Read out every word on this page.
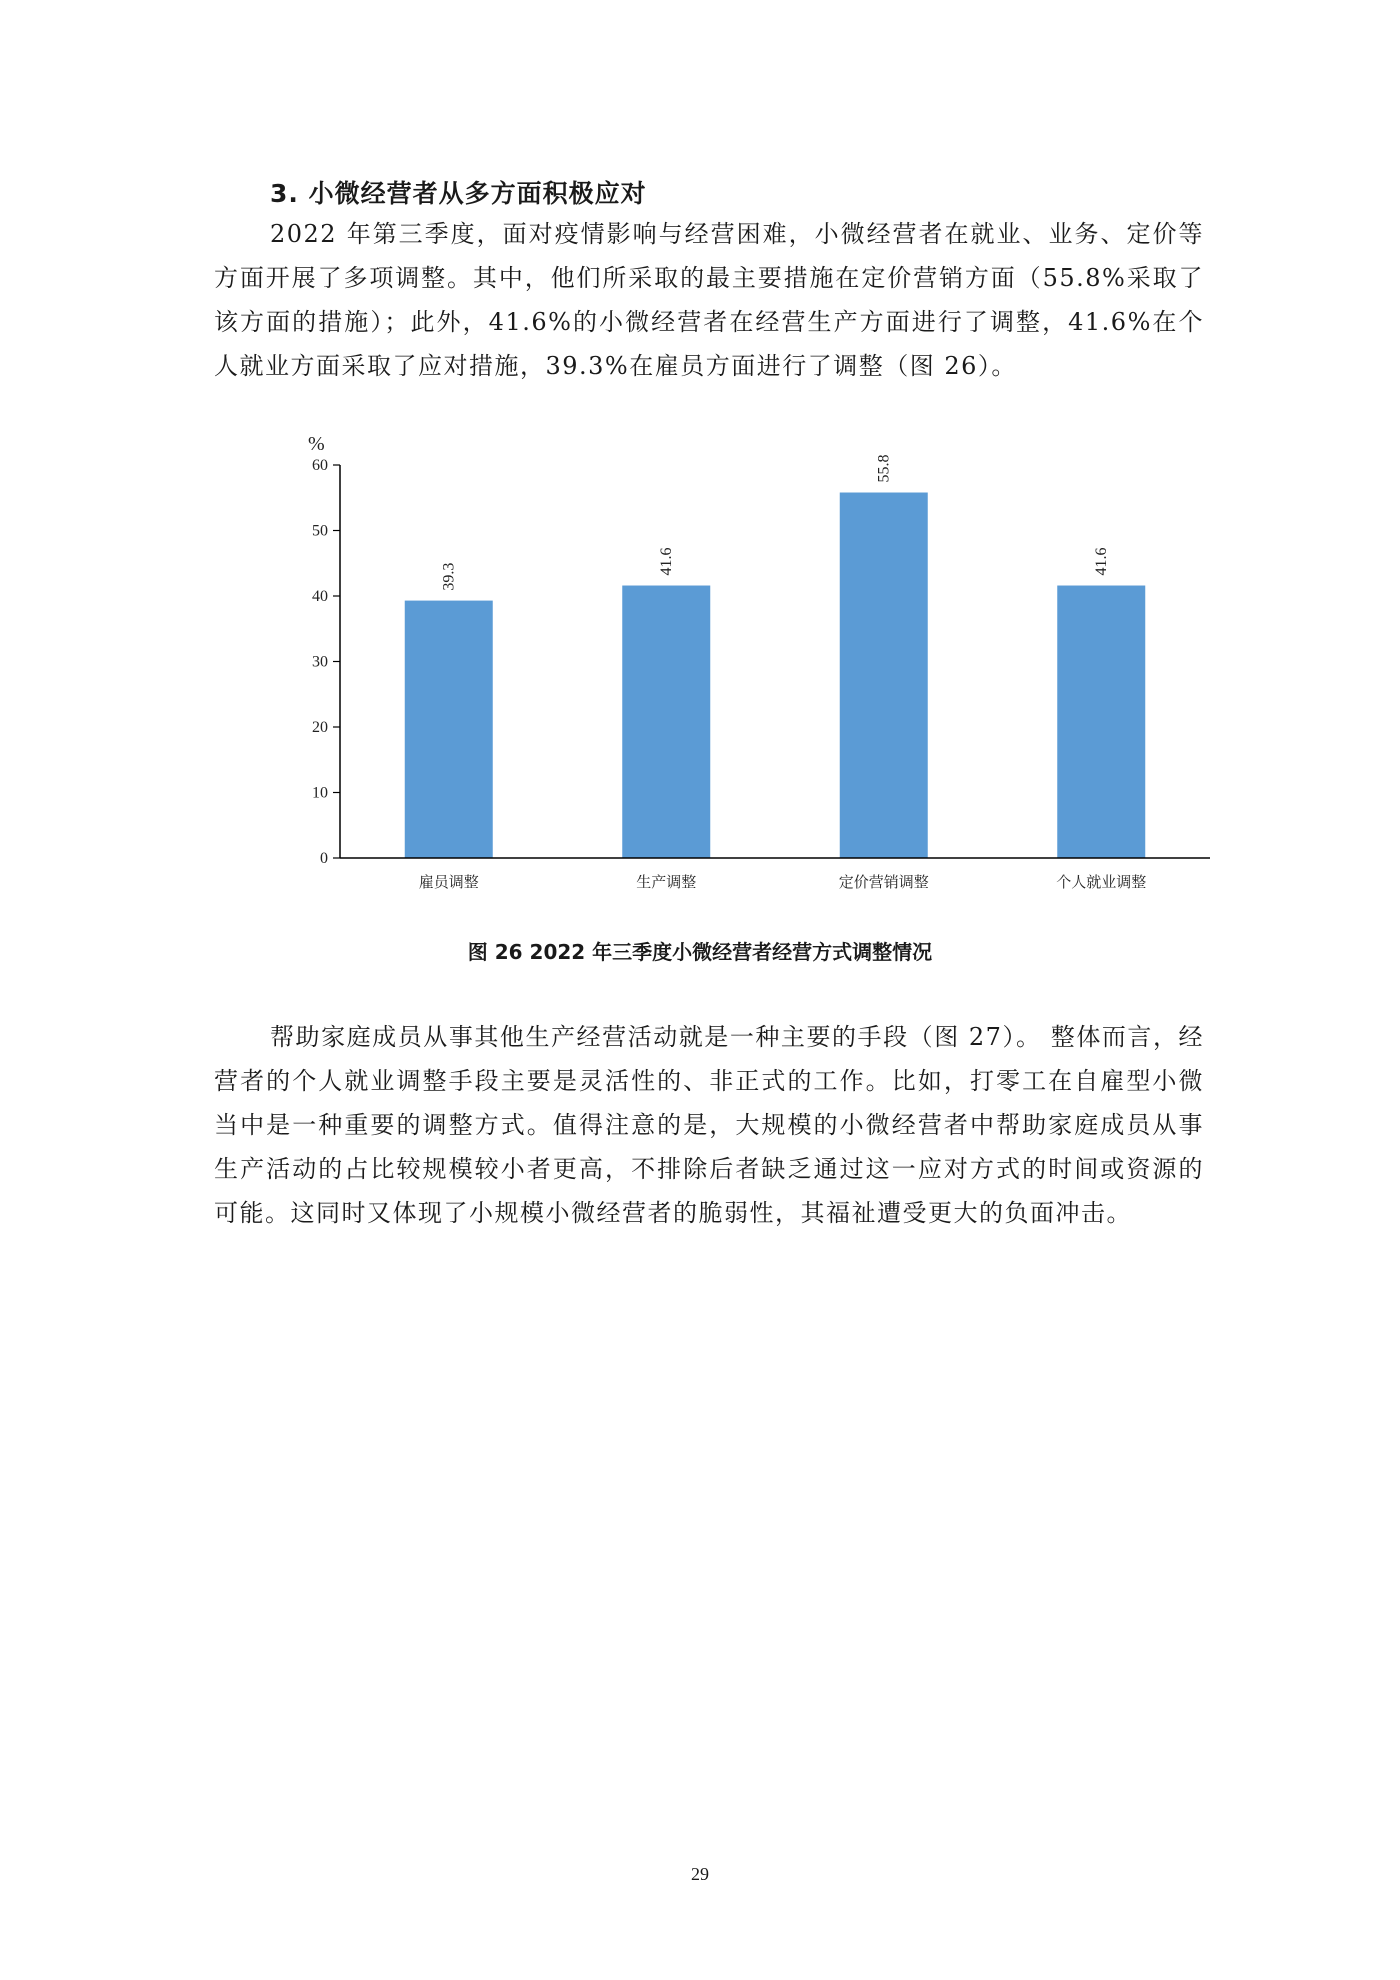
3. 小微经营者从多方面积极应对

2022 年第三季度，面对疫情影响与经营困难，小微经营者在就业、业务、定价等方面开展了多项调整。其中，他们所采取的最主要措施在定价营销方面（55.8%采取了该方面的措施）；此外，41.6%的小微经营者在经营生产方面进行了调整，41.6%在个人就业方面采取了应对措施，39.3%在雇员方面进行了调整（图 26）。

%
0
10
20
30
40
50
60
39.3
41.6
55.8
41.6
雇员调整	生产调整	定价营销调整	个人就业调整
图 26 2022 年三季度小微经营者经营方式调整情况

帮助家庭成员从事其他生产经营活动就是一种主要的手段（图 27）。 整体而言，经营者的个人就业调整手段主要是灵活性的、非正式的工作。比如，打零工在自雇型小微当中是一种重要的调整方式。值得注意的是，大规模的小微经营者中帮助家庭成员从事生产活动的占比较规模较小者更高，不排除后者缺乏通过这一应对方式的时间或资源的可能。这同时又体现了小规模小微经营者的脆弱性，其福祉遭受更大的负面冲击。

29
